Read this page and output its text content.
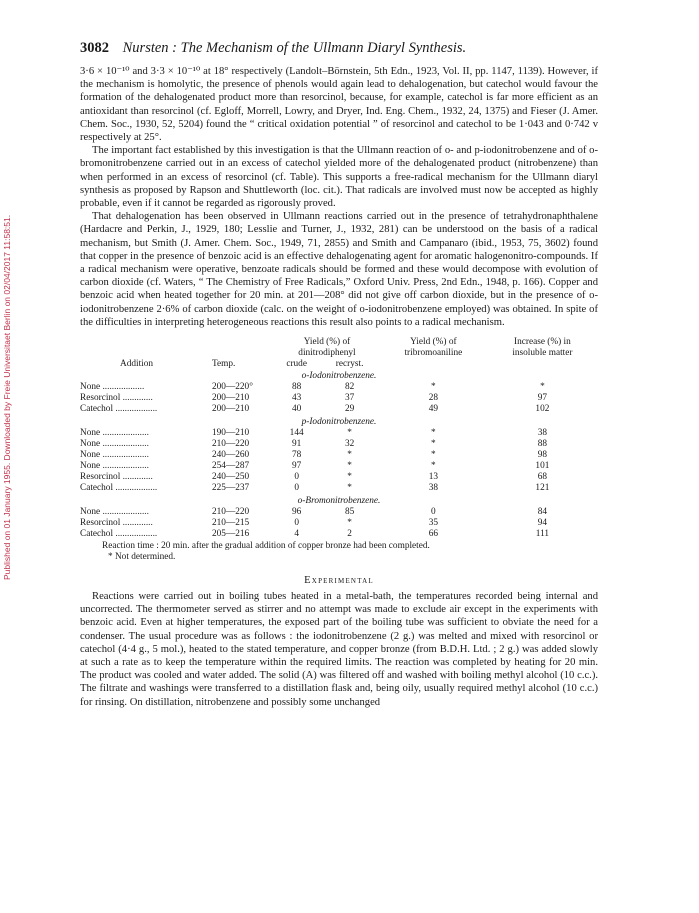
Published on 01 January 1955. Downloaded by Freie Universitaet Berlin on 02/04/2017 11:58:51.
3082 Nursten : The Mechanism of the Ullmann Diaryl Synthesis.

3·6 × 10⁻¹⁰ and 3·3 × 10⁻¹⁰ at 18° respectively (Landolt–Börnstein, 5th Edn., 1923, Vol. II, pp. 1147, 1139). However, if the mechanism is homolytic, the presence of phenols would again lead to dehalogenation, but catechol would favour the formation of the dehalogenated product more than resorcinol, because, for example, catechol is far more efficient as an antioxidant than resorcinol (cf. Egloff, Morrell, Lowry, and Dryer, Ind. Eng. Chem., 1932, 24, 1375) and Fieser (J. Amer. Chem. Soc., 1930, 52, 5204) found the “ critical oxidation potential ” of resorcinol and catechol to be 1·043 and 0·742 v respectively at 25°.

The important fact established by this investigation is that the Ullmann reaction of o- and p-iodonitrobenzene and of o-bromonitrobenzene carried out in an excess of catechol yielded more of the dehalogenated product (nitrobenzene) than when performed in an excess of resorcinol (cf. Table). This supports a free-radical mechanism for the Ullmann diaryl synthesis as proposed by Rapson and Shuttleworth (loc. cit.). That radicals are involved must now be accepted as highly probable, even if it cannot be regarded as rigorously proved.

That dehalogenation has been observed in Ullmann reactions carried out in the presence of tetrahydronaphthalene (Hardacre and Perkin, J., 1929, 180; Lesslie and Turner, J., 1932, 281) can be understood on the basis of a radical mechanism, but Smith (J. Amer. Chem. Soc., 1949, 71, 2855) and Smith and Campanaro (ibid., 1953, 75, 3602) found that copper in the presence of benzoic acid is an effective dehalogenating agent for aromatic halogenonitro-compounds. If a radical mechanism were operative, benzoate radicals should be formed and these would decompose with evolution of carbon dioxide (cf. Waters, “ The Chemistry of Free Radicals,” Oxford Univ. Press, 2nd Edn., 1948, p. 166). Copper and benzoic acid when heated together for 20 min. at 201—208° did not give off carbon dioxide, but in the presence of o-iodonitrobenzene 2·6% of carbon dioxide (calc. on the weight of o-iodonitrobenzene employed) was obtained. In spite of the difficulties in interpreting heterogeneous reactions this result also points to a radical mechanism.

Addition	Temp.	Yield (%) of		Yield (%) of	Increase (%) in
		dinitrodiphenyl		tribromoaniline	insoluble matter
		crude	recryst.		
o-Iodonitrobenzene.					
None ..................	200—220°	88	82	*	*
Resorcinol .............	200—210	43	37	28	97
Catechol ..................	200—210	40	29	49	102
p-Iodonitrobenzene.					
None ....................	190—210	144	*	*	38
None ....................	210—220	91	32	*	88
None ....................	240—260	78	*	*	98
None ....................	254—287	97	*	*	101
Resorcinol .............	240—250	0	*	13	68
Catechol ..................	225—237	0	*	38	121
o-Bromonitrobenzene.					
None ....................	210—220	96	85	0	84
Resorcinol .............	210—215	0	*	35	94
Catechol ..................	205—216	4	2	66	111
Reaction time : 20 min. after the gradual addition of copper bronze had been completed.
* Not determined.
Experimental

Reactions were carried out in boiling tubes heated in a metal-bath, the temperatures recorded being internal and uncorrected. The thermometer served as stirrer and no attempt was made to exclude air except in the experiments with benzoic acid. Even at higher temperatures, the exposed part of the boiling tube was sufficient to obviate the need for a condenser. The usual procedure was as follows : the iodonitrobenzene (2 g.) was melted and mixed with resorcinol or catechol (4·4 g., 5 mol.), heated to the stated temperature, and copper bronze (from B.D.H. Ltd. ; 2 g.) was added slowly at such a rate as to keep the temperature within the required limits. The reaction was completed by heating for 20 min. The product was cooled and water added. The solid (A) was filtered off and washed with boiling methyl alcohol (10 c.c.). The filtrate and washings were transferred to a distillation flask and, being oily, usually required methyl alcohol (10 c.c.) for rinsing. On distillation, nitrobenzene and possibly some unchanged
